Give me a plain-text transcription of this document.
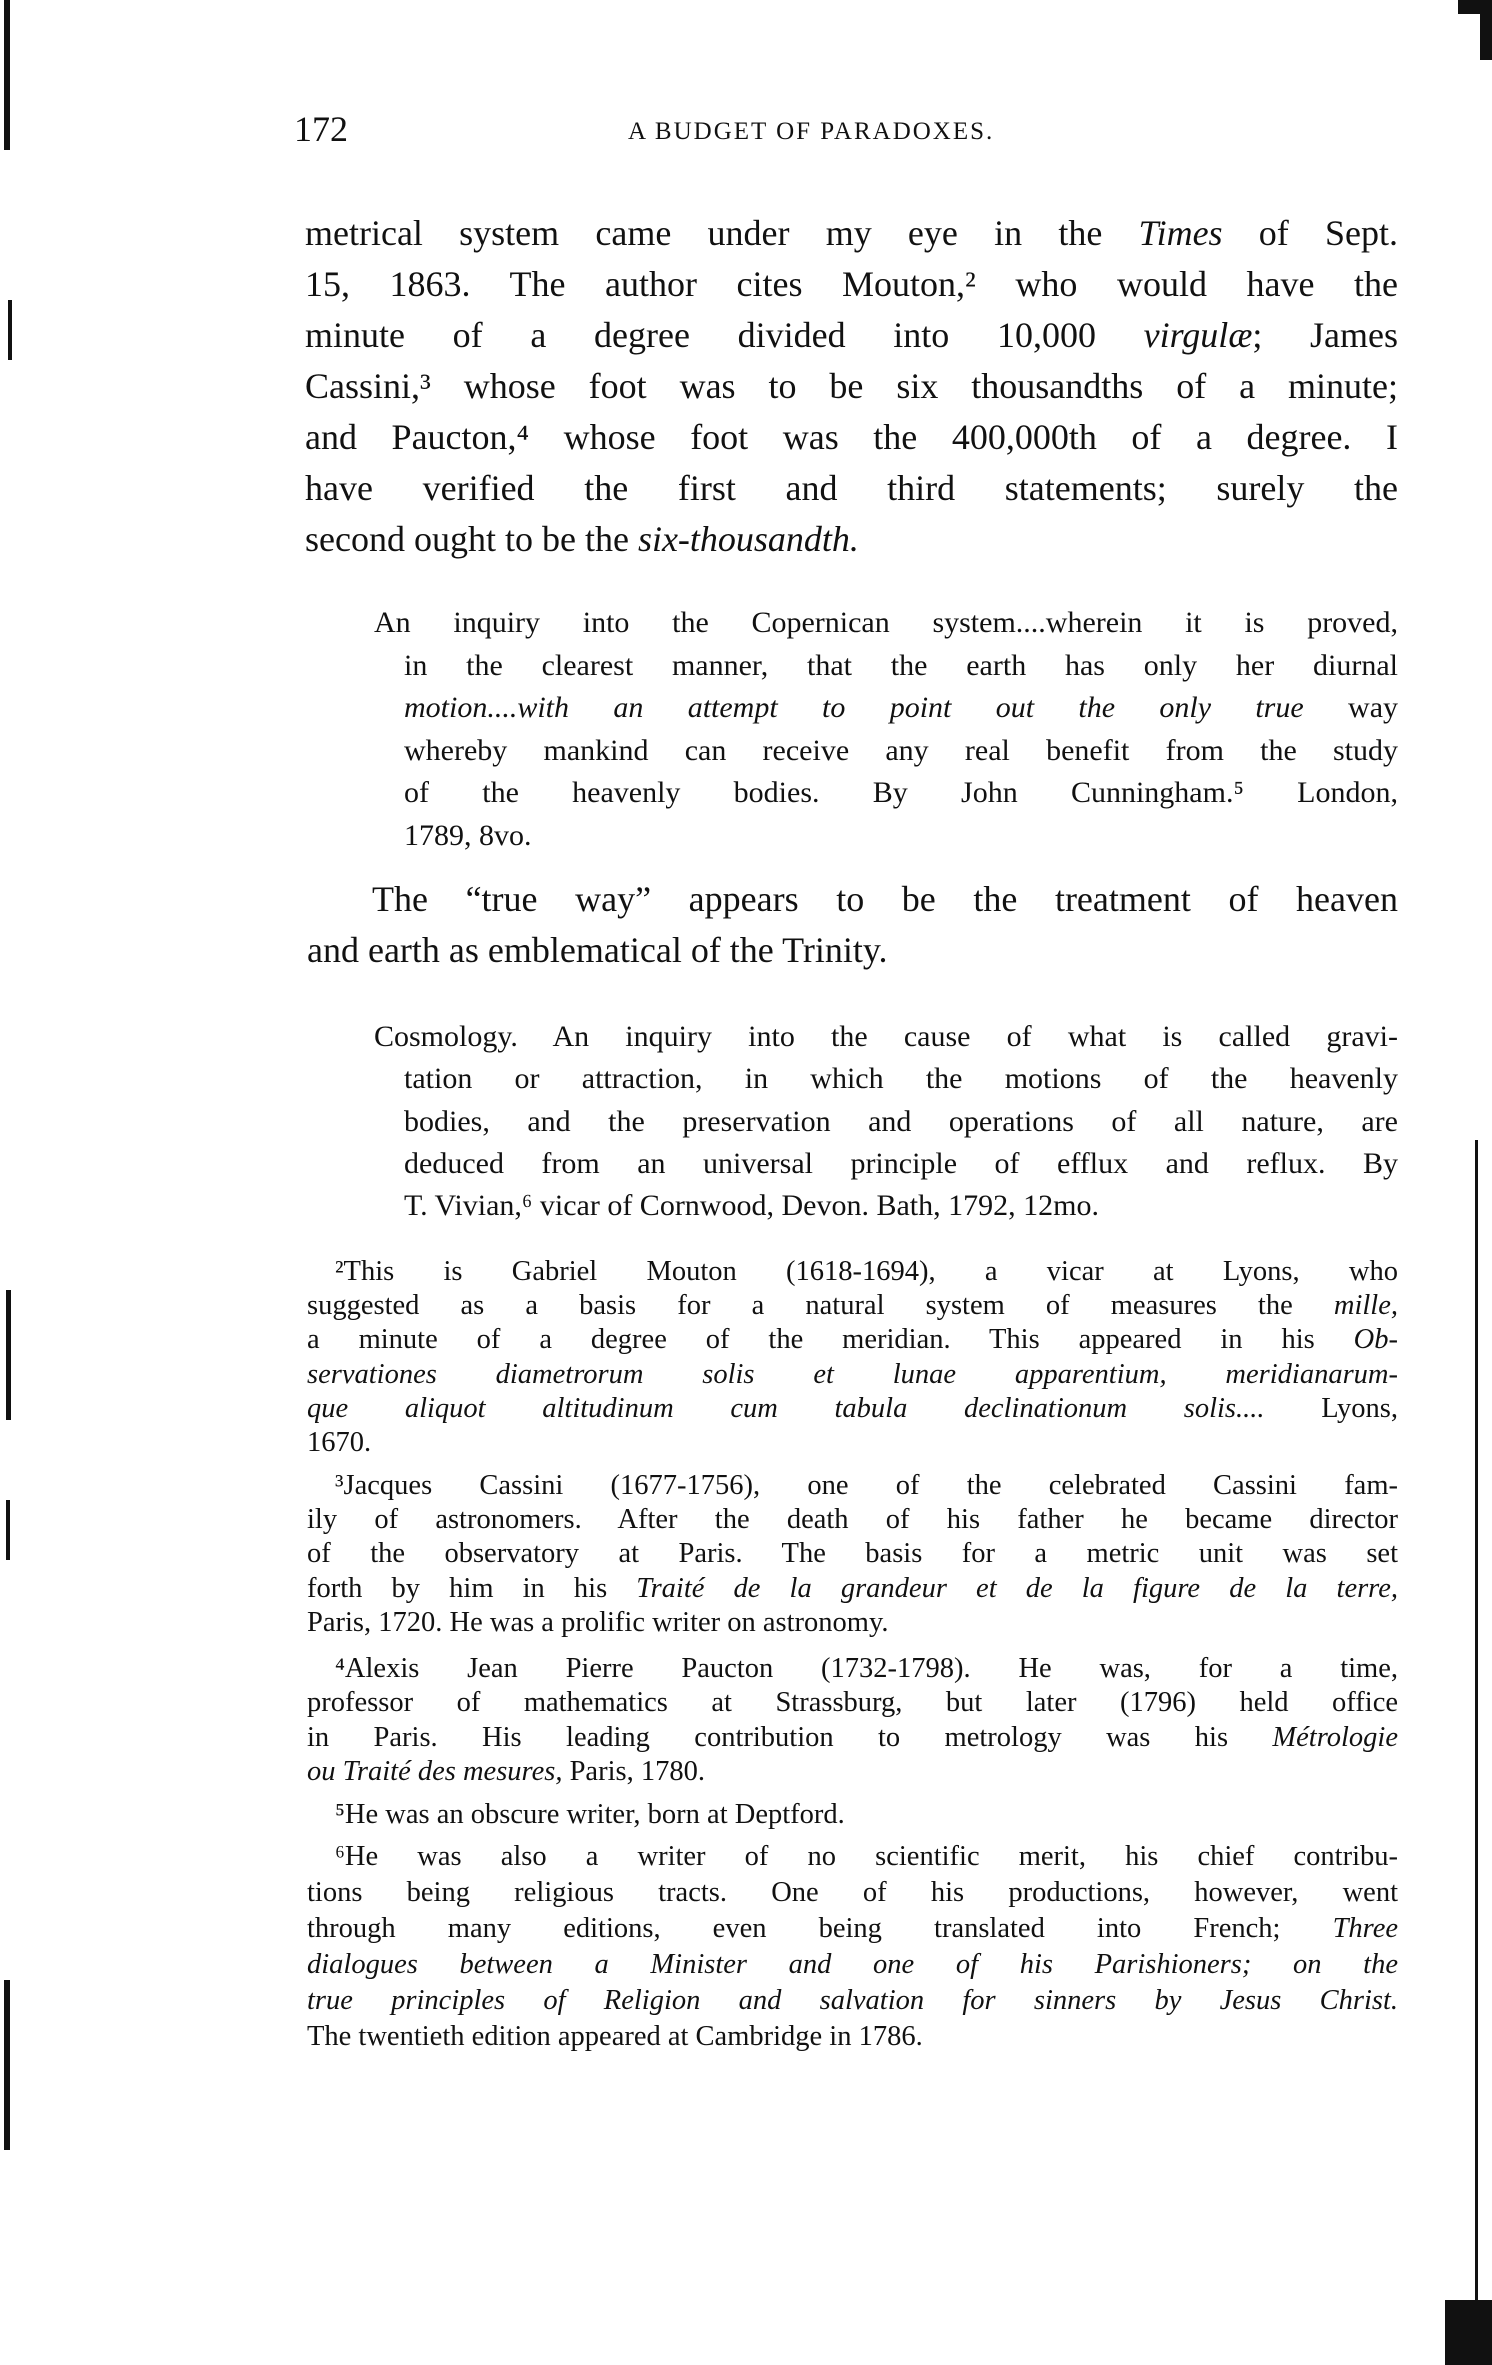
172	A BUDGET OF PARADOXES.
metrical system came under my eye in the Times of Sept.
15, 1863. The author cites Mouton,² who would have the
minute of a degree divided into 10,000 virgulæ; James
Cassini,³ whose foot was to be six thousandths of a minute;
and Paucton,⁴ whose foot was the 400,000th of a degree. I
have verified the first and third statements; surely the
second ought to be the six-thousandth.
An inquiry into the Copernican system....wherein it is proved,
in the clearest manner, that the earth has only her diurnal
motion....with an attempt to point out the only true way
whereby mankind can receive any real benefit from the study
of the heavenly bodies. By John Cunningham.⁵ London,
1789, 8vo.
The “true way” appears to be the treatment of heaven
and earth as emblematical of the Trinity.
Cosmology. An inquiry into the cause of what is called gravi-
tation or attraction, in which the motions of the heavenly
bodies, and the preservation and operations of all nature, are
deduced from an universal principle of efflux and reflux. By
T. Vivian,⁶ vicar of Cornwood, Devon. Bath, 1792, 12mo.
²This is Gabriel Mouton (1618-1694), a vicar at Lyons, who
suggested as a basis for a natural system of measures the mille,
a minute of a degree of the meridian. This appeared in his Ob-
servationes diametrorum solis et lunae apparentium, meridianarum-
que aliquot altitudinum cum tabula declinationum solis.... Lyons,
1670.
³Jacques Cassini (1677-1756), one of the celebrated Cassini fam-
ily of astronomers. After the death of his father he became director
of the observatory at Paris. The basis for a metric unit was set
forth by him in his Traité de la grandeur et de la figure de la terre,
Paris, 1720. He was a prolific writer on astronomy.
⁴Alexis Jean Pierre Paucton (1732-1798). He was, for a time,
professor of mathematics at Strassburg, but later (1796) held office
in Paris. His leading contribution to metrology was his Métrologie
ou Traité des mesures, Paris, 1780.
⁵He was an obscure writer, born at Deptford.
⁶He was also a writer of no scientific merit, his chief contribu-
tions being religious tracts. One of his productions, however, went
through many editions, even being translated into French; Three
dialogues between a Minister and one of his Parishioners; on the
true principles of Religion and salvation for sinners by Jesus Christ.
The twentieth edition appeared at Cambridge in 1786.
